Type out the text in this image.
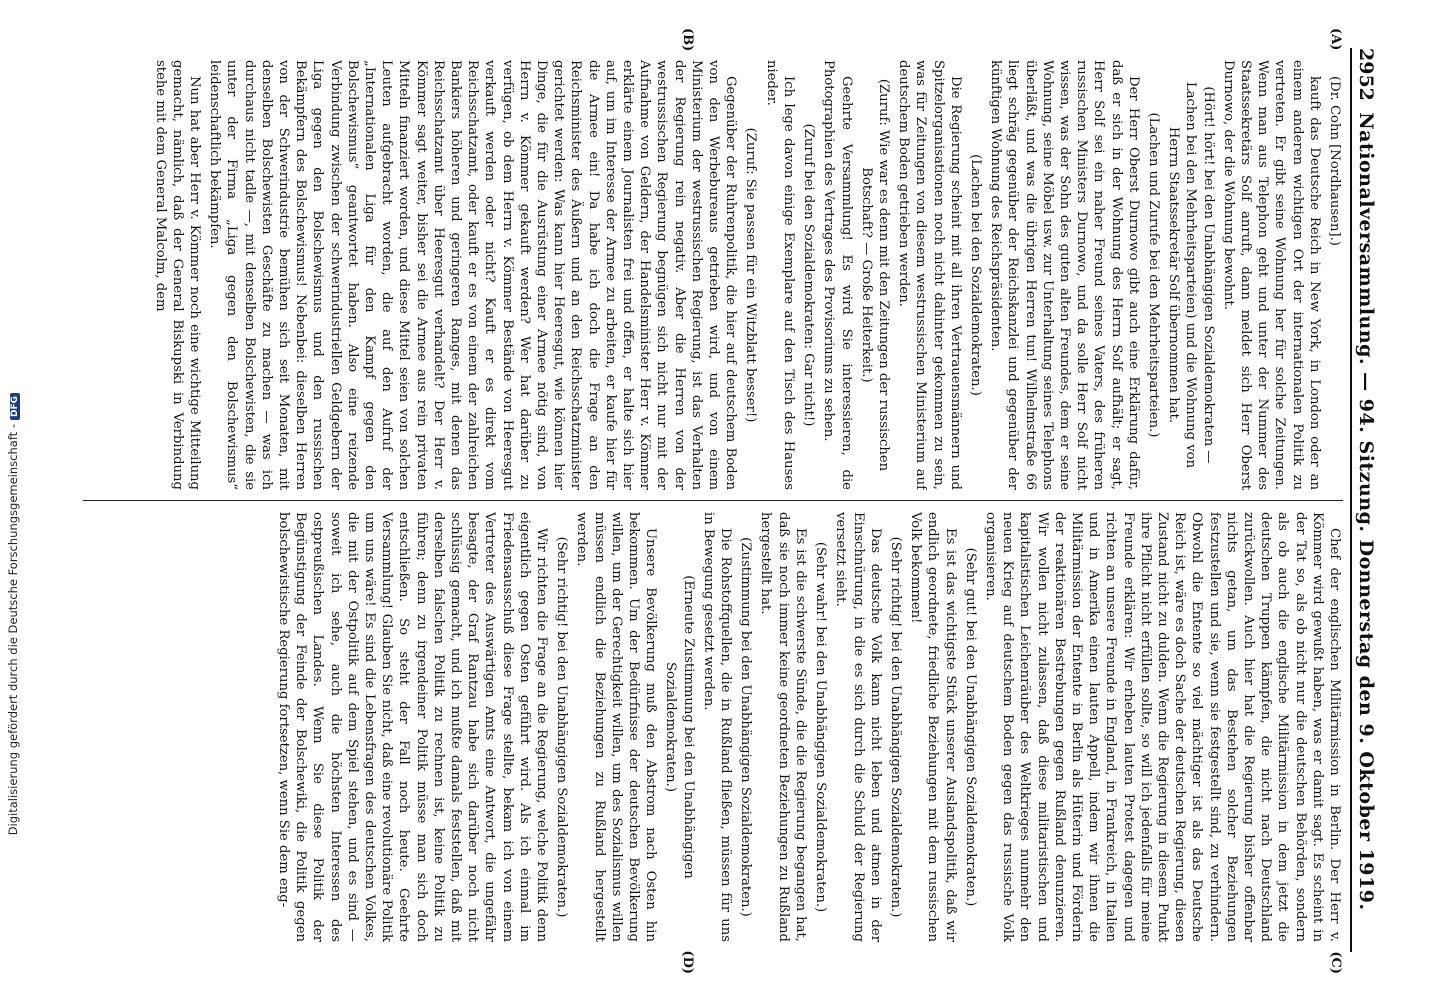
Digitalisierung gefördert durch die Deutsche Forschungsgemeinschaft -DFG
2952
Nationalversammlung. — 94. Sitzung. Donnerstag den 9. Oktober 1919.
(A)
(B)
(C)
(D)

(Dr. Cohn [Nordhausen].)

kauft das Deutsche Reich in New York, in London oder an einem anderen wichtigen Ort der internationalen Politik zu vertreten. Er gibt seine Wohnung her für solche Zeitungen. Wenn man aus Telephon geht und unter der Nummer des Staatssekretärs Solf anruft, dann meldet sich Herr Oberst Durnowo, der die Wohnung bewohnt.

(Hört! hört! bei den Unabhängigen Sozialdemokraten — Lachen bei den Mehrheitsparteien) und die Wohnung von Herrn Staatssekretär Solf übernommen hat.

(Lachen und Zurufe bei den Mehrheitsparteien.)

Der Herr Oberst Durnowo gibt auch eine Erklärung dafür, daß er sich in der Wohnung des Herrn Solf aufhält; er sagt, Herr Solf sei ein naher Freund seines Vaters, des früheren russischen Ministers Durnowo, und da solle Herr Solf nicht wissen, was der Sohn des guten alten Freundes, dem er seine Wohnung, seine Möbel usw. zur Unterhaltung seines Telephons überläßt, und was die übrigen Herren tun! Wilhelmstraße 66 liegt schräg gegenüber der Reichskanzlei und gegenüber der künftigen Wohnung des Reichspräsidenten.

(Lachen bei den Sozialdemokraten.)

Die Regierung scheint mit all ihren Vertrauensmännern und Spitzelorganisationen noch nicht dahinter gekommen zu sein, was für Zeitungen von diesem westrussischen Ministerium auf deutschem Boden getrieben werden.

(Zuruf: Wie war es denn mit den Zeitungen der russischen Botschaft? — Große Heiterkeit.)

Geehrte Versammlung! Es wird Sie interessieren, die Photographien des Vertrages des Provisoriums zu sehen.

(Zuruf bei den Sozialdemokraten: Gar nicht!)

Ich lege davon einige Exemplare auf den Tisch des Hauses nieder.

(Zuruf: Sie passen für ein Witzblatt besser!)

Gegenüber der Ruhrenpolitik, die hier auf deutschem Boden von den Werbebureaus getrieben wird, und von einem Ministerium der westrussischen Regierung, ist das Verhalten der Regierung rein negativ. Aber die Herren von der westrussischen Regierung begnügen sich nicht nur mit der Aufnahme von Geldern, der Handelsminister Herr v. Kömmer erklärte einem Journalisten frei und offen, er halte sich hier auf, um im Interesse der Armee zu arbeiten, er kaufe hier für die Armee ein! Da habe ich doch die Frage an den Reichsminister des Äußern und an den Reichsschatzminister gerichtet werden: Was kann hier Heeresgut, wie können hier Dinge, die für die Ausrüstung einer Armee nötig sind, von Herrn v. Kömmer gekauft werden? Wer hat darüber zu verfügen, ob dem Herrn v. Kömmer Bestände von Heeresgut verkauft werden oder nicht? Kauft er es direkt vom Reichsschatzamt, oder kauft er es von einem der zahlreichen Bankiers höheren und geringeren Ranges, mit denen das Reichsschatzamt über Heeresgut verhandelt? Der Herr v. Kömmer sagt weiter, bisher sei die Armee aus rein privaten Mitteln finanziert worden, und diese Mittel seien von solchen Leuten aufgebracht worden, die auf den Aufruf der „Internationalen Liga für den Kampf gegen den Bolschewismus“ geantwortet haben. Also eine reizende Verbindung zwischen der schwerindustriellen Geldgebern der Liga gegen den Bolschewismus und den russischen Bekämpfern des Bolschewismus! Nebenbei: dieselben Herren von der Schwerindustrie bemühen sich seit Monaten, mit denselben Bolschewisten Geschäfte zu machen — was ich durchaus nicht tadle —, mit denselben Bolschewisten, die sie unter der Firma „Liga gegen den Bolschewismus“ leidenschaftlich bekämpfen.

Nun hat aber Herr v. Kömmer noch eine wichtige Mitteilung gemacht, nämlich, daß der General Biskupski in Verbindung stehe mit dem General Malcolm, dem

Chef der englischen Militärmission in Berlin. Der Herr v. Kömmer wird gewußt haben, was er damit sagt. Es scheint in der Tat so, als ob nicht nur die deutschen Behörden, sondern als ob auch die englische Militärmission in dem jetzt die deutschen Truppen kämpfen, die nicht nach Deutschland zurückwollen. Auch hier hat die Regierung bisher offenbar nichts getan, um das Bestehen solcher Beziehungen festzustellen und sie, wenn sie festgestellt sind, zu verhindern. Obwohl die Entente so viel mächtiger ist als das Deutsche Reich ist, wäre es doch Sache der deutschen Regierung, diesen Zustand nicht zu dulden. Wenn die Regierung in diesem Punkt ihre Pflicht nicht erfüllen sollte, so will ich jedenfalls für meine Freunde erklären: Wir erheben lauten Protest dagegen und richten an unsere Freunde in England, in Frankreich, in Italien und in Amerika einen lauten Appell, indem wir ihnen die Militärmission der Entente in Berlin als Hüterin und Förderin der reaktionären Bestrebungen gegen Rußland denunzieren. Wir wollen nicht zulassen, daß diese militaristischen und kapitalistischen Leichenräuber des Weltkrieges nunmehr den neuen Krieg auf deutschem Boden gegen das russische Volk organisieren.

(Sehr gut! bei den Unabhängigen Sozialdemokraten.)

Es ist das wichtigste Stück unserer Auslandspolitik, daß wir endlich geordnete, friedliche Beziehungen mit dem russischen Volk bekommen!

(Sehr richtig! bei den Unabhängigen Sozialdemokraten.)

Das deutsche Volk kann nicht leben und atmen in der Einschnürung, in die es sich durch die Schuld der Regierung versetzt sieht.

(Sehr wahr! bei den Unabhängigen Sozialdemokraten.)

Es ist die schwerste Sünde, die die Regierung begangen hat, daß sie noch immer keine geordneten Beziehungen zu Rußland hergestellt hat.

(Zustimmung bei den Unabhängigen Sozialdemokraten.)

Die Rohstoffquellen, die in Rußland fließen, müssen für uns in Bewegung gesetzt werden.

(Erneute Zustimmung bei den Unabhängigen Sozialdemokraten.)

Unsere Bevölkerung muß den Abstrom nach Osten hin bekommen. Um der Bedürfnisse der deutschen Bevölkerung willen, um der Gerechtigkeit willen, um des Sozialismus willen müssen endlich die Beziehungen zu Rußland hergestellt werden.

(Sehr richtig! bei den Unabhängigen Sozialdemokraten.)

Wir richten die Frage an die Regierung, welche Politik denn eigentlich gegen Osten geführt wird. Als ich einmal im Friedensausschuß diese Frage stellte, bekam ich von einem Vertreter des Auswärtigen Amts eine Antwort, die ungefähr besagte, der Graf Rantzau habe sich darüber noch nicht schlüssig gemacht, und ich mußte damals feststellen, daß mit derselben falschen Politik zu rechnen ist, keine Politik zu führen; denn zu irgendeiner Politik müsse man sich doch entschließen. So steht der Fall noch heute. Geehrte Versammlung! Glauben Sie nicht, daß eine revolutionäre Politik um uns wäre! Es sind die Lebensfragen des deutschen Volkes, die mit der Ostpolitik auf dem Spiel stehen, und es sind — soweit ich sehe, auch die höchsten Interessen des ostpreußischen Landes. Wenn Sie diese Politik der Begünstigung der Feinde der Bolschewiki, die Politik gegen bolschewistische Regierung fortsetzen, wenn Sie dem eng-
